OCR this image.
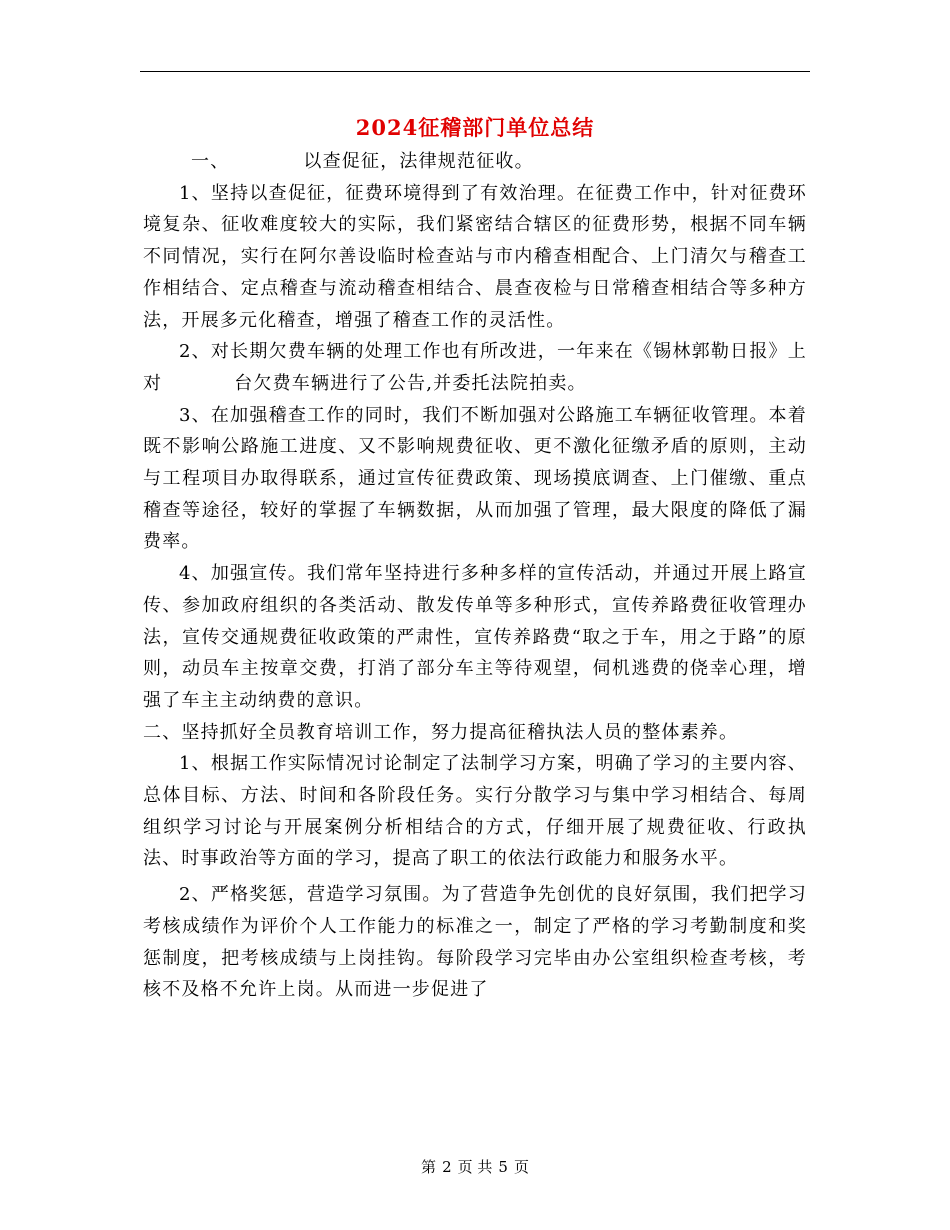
2024征稽部门单位总结

一、	以查促征，法律规范征收。

1、坚持以查促征，征费环境得到了有效治理。在征费工作中，针对征费环境复杂、征收难度较大的实际，我们紧密结合辖区的征费形势，根据不同车辆不同情况，实行在阿尔善设临时检查站与市内稽查相配合、上门清欠与稽查工作相结合、定点稽查与流动稽查相结合、晨查夜检与日常稽查相结合等多种方法，开展多元化稽查，增强了稽查工作的灵活性。

2、对长期欠费车辆的处理工作也有所改进，一年来在《锡林郭勒日报》上对	台欠费车辆进行了公告,并委托法院拍卖。

3、在加强稽查工作的同时，我们不断加强对公路施工车辆征收管理。本着既不影响公路施工进度、又不影响规费征收、更不激化征缴矛盾的原则，主动与工程项目办取得联系，通过宣传征费政策、现场摸底调查、上门催缴、重点稽查等途径，较好的掌握了车辆数据，从而加强了管理，最大限度的降低了漏费率。

4、加强宣传。我们常年坚持进行多种多样的宣传活动，并通过开展上路宣传、参加政府组织的各类活动、散发传单等多种形式，宣传养路费征收管理办法，宣传交通规费征收政策的严肃性，宣传养路费“取之于车，用之于路”的原则，动员车主按章交费，打消了部分车主等待观望，伺机逃费的侥幸心理，增强了车主主动纳费的意识。

二、坚持抓好全员教育培训工作，努力提高征稽执法人员的整体素养。

1、根据工作实际情况讨论制定了法制学习方案，明确了学习的主要内容、总体目标、方法、时间和各阶段任务。实行分散学习与集中学习相结合、每周组织学习讨论与开展案例分析相结合的方式，仔细开展了规费征收、行政执法、时事政治等方面的学习，提高了职工的依法行政能力和服务水平。

2、严格奖惩，营造学习氛围。为了营造争先创优的良好氛围，我们把学习考核成绩作为评价个人工作能力的标准之一，制定了严格的学习考勤制度和奖惩制度，把考核成绩与上岗挂钩。每阶段学习完毕由办公室组织检查考核，考核不及格不允许上岗。从而进一步促进了

第 2 页 共 5 页
